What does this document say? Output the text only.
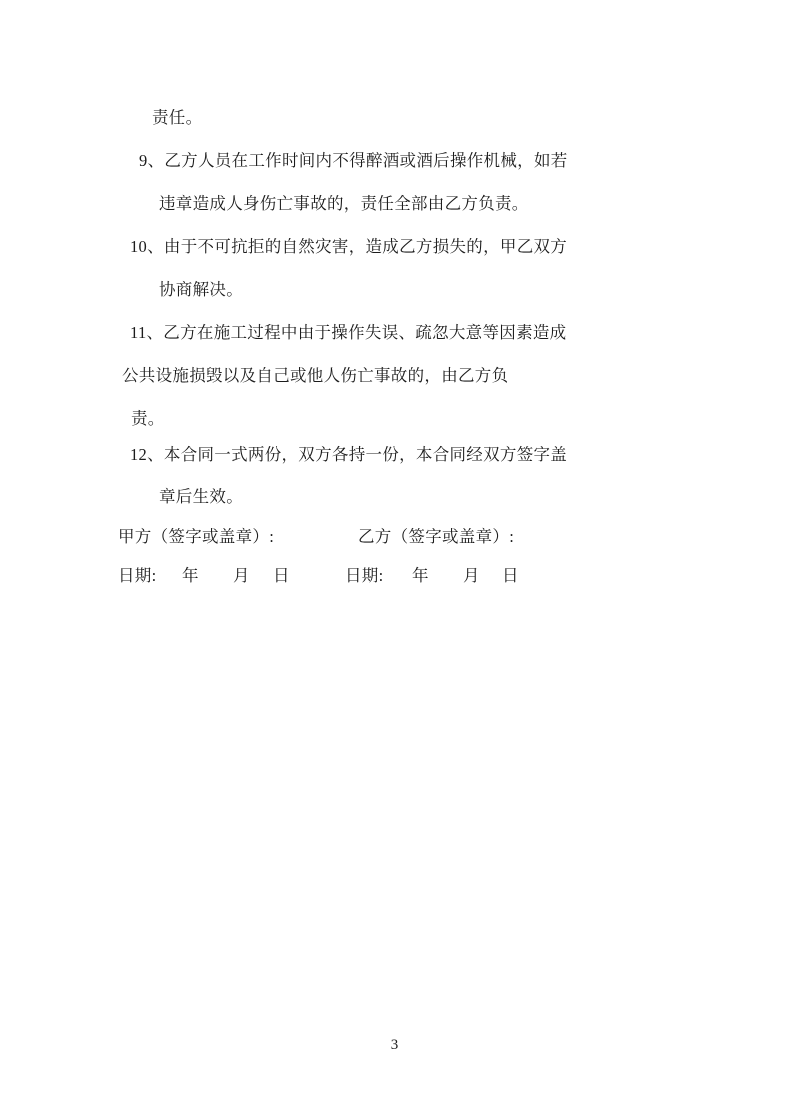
责任。
9、乙方人员在工作时间内不得醉酒或酒后操作机械，如若
违章造成人身伤亡事故的，责任全部由乙方负责。
10、由于不可抗拒的自然灾害，造成乙方损失的，甲乙双方
协商解决。
11、乙方在施工过程中由于操作失误、疏忽大意等因素造成
公共设施损毁以及自己或他人伤亡事故的，由乙方负
责。
12、本合同一式两份，双方各持一份，本合同经双方签字盖
章后生效。
甲方（签字或盖章）:	乙方（签字或盖章）:
日期: 年 月 日	日期: 年 月 日
3
